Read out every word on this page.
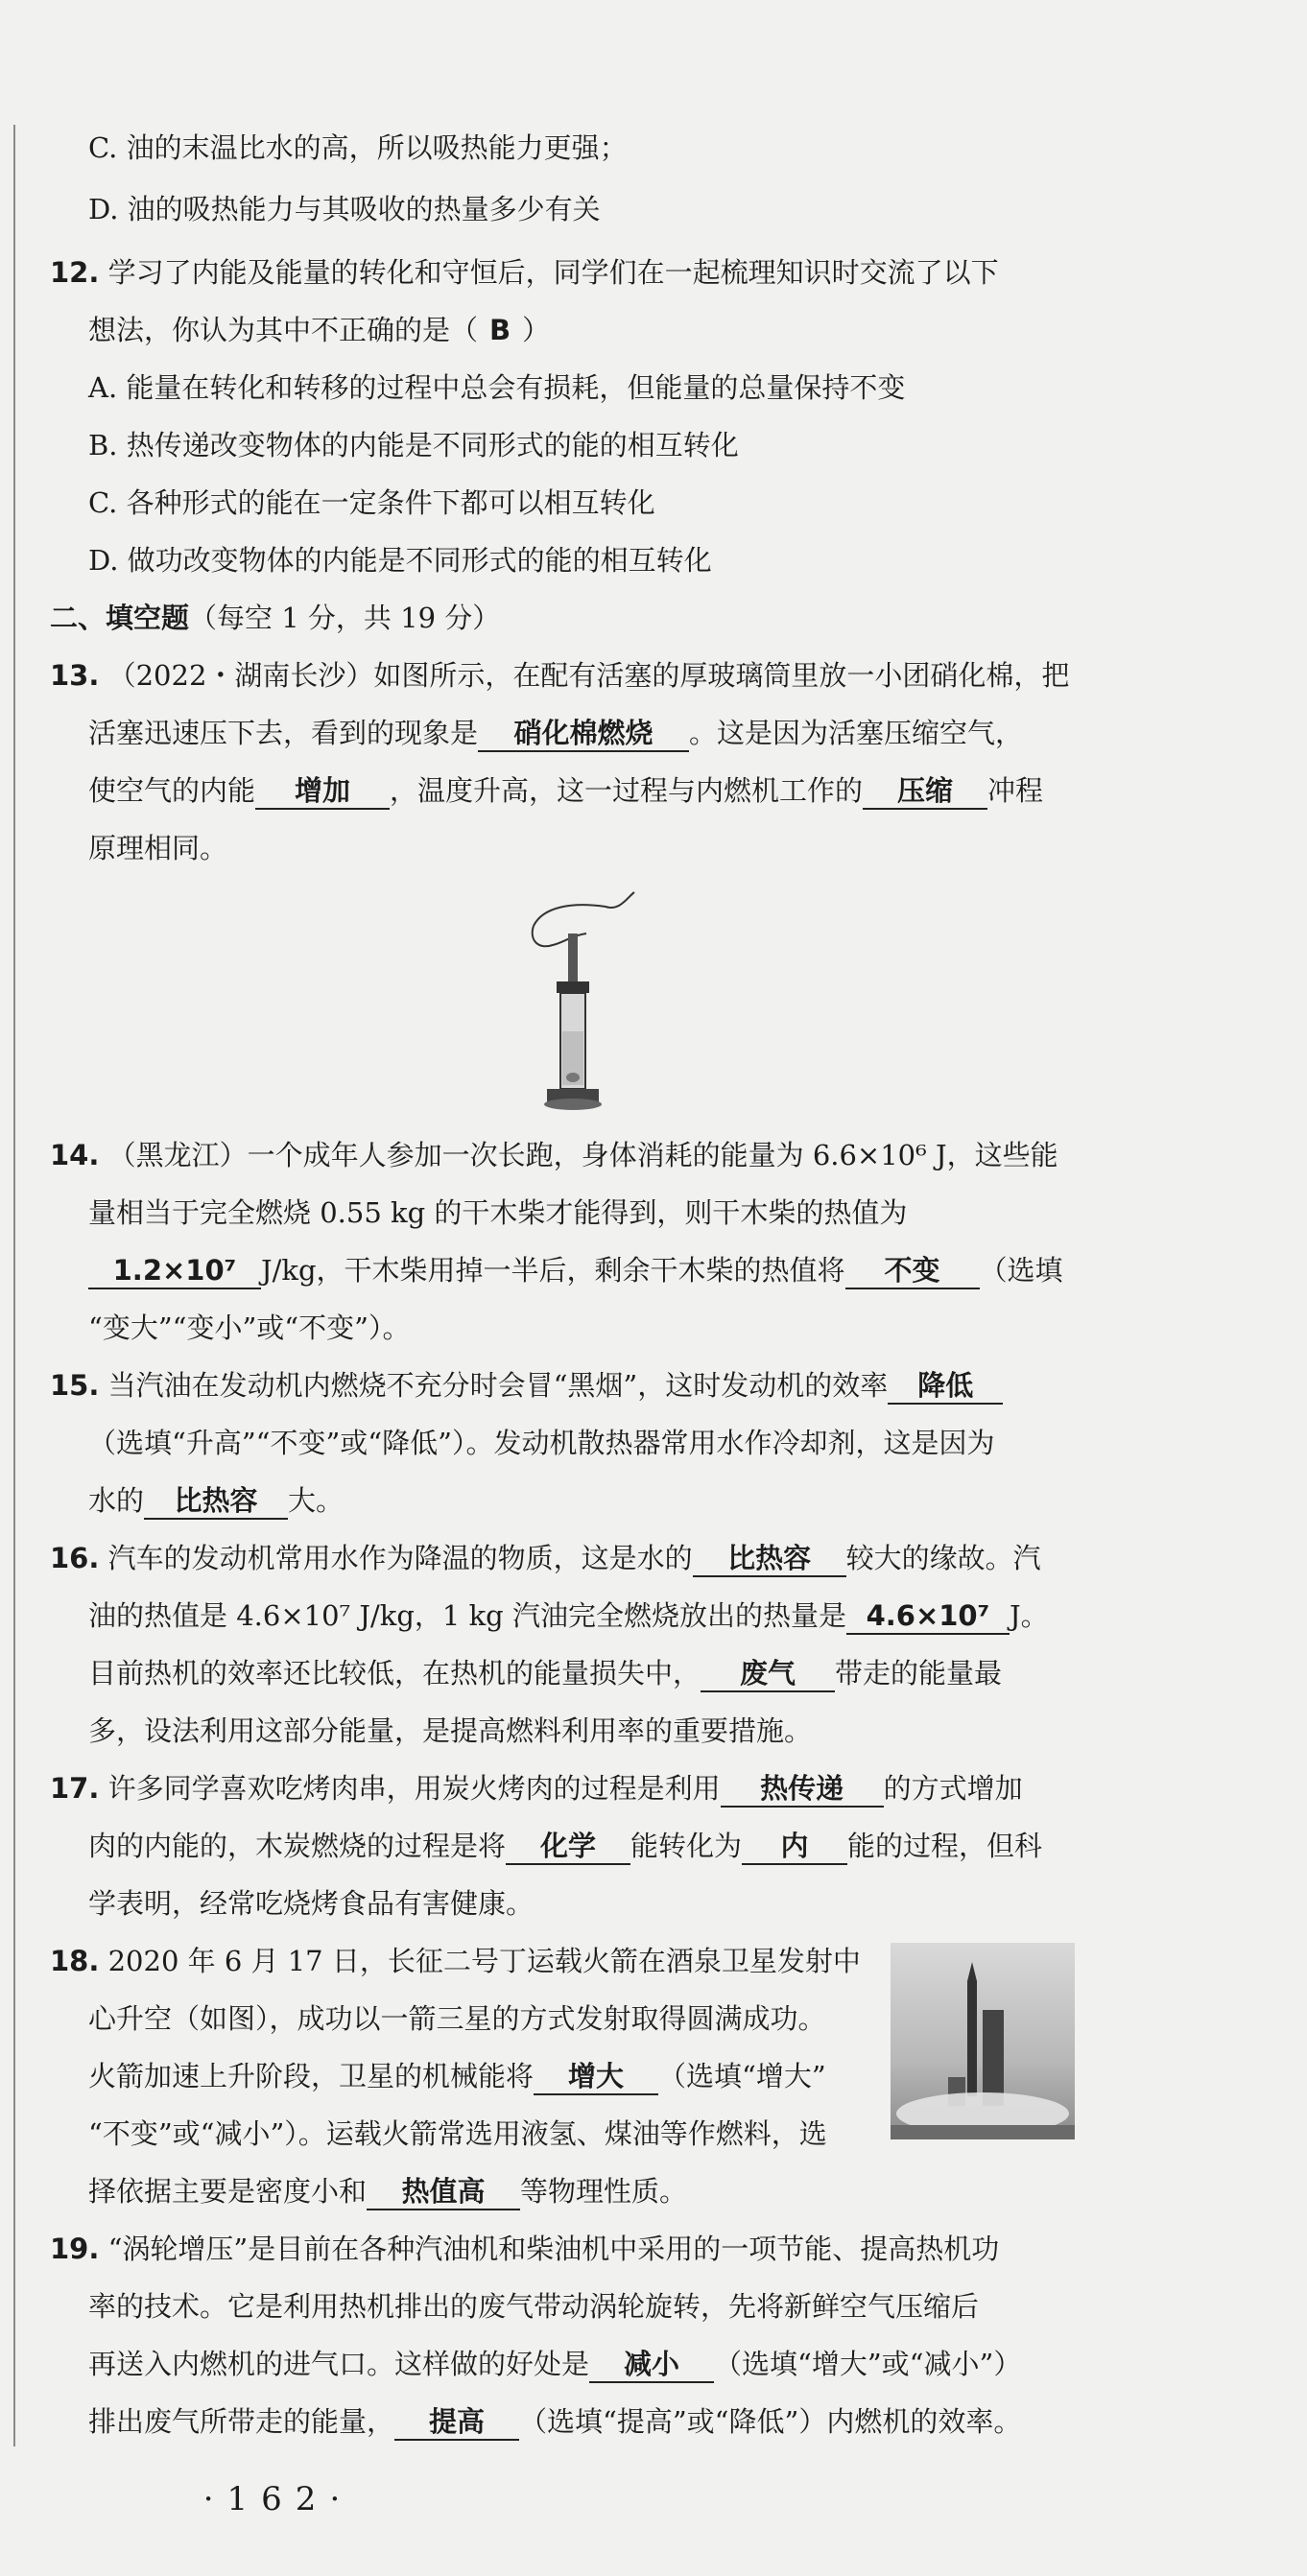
C. 油的末温比水的高，所以吸热能力更强；
D. 油的吸热能力与其吸收的热量多少有关
12. 学习了内能及能量的转化和守恒后，同学们在一起梳理知识时交流了以下
想法，你认为其中不正确的是（ B ）
A. 能量在转化和转移的过程中总会有损耗，但能量的总量保持不变
B. 热传递改变物体的内能是不同形式的能的相互转化
C. 各种形式的能在一定条件下都可以相互转化
D. 做功改变物体的内能是不同形式的能的相互转化
二、填空题（每空 1 分，共 19 分）
13. （2022・湖南长沙）如图所示，在配有活塞的厚玻璃筒里放一小团硝化棉，把
活塞迅速压下去，看到的现象是 硝化棉燃烧 。这是因为活塞压缩空气，
使空气的内能 增加 ，温度升高，这一过程与内燃机工作的 压缩 冲程
原理相同。
14. （黑龙江）一个成年人参加一次长跑，身体消耗的能量为 6.6×10⁶ J，这些能
量相当于完全燃烧 0.55 kg 的干木柴才能得到，则干木柴的热值为
1.2×10⁷ J/kg，干木柴用掉一半后，剩余干木柴的热值将 不变 （选填
“变大”“变小”或“不变”）。
15. 当汽油在发动机内燃烧不充分时会冒“黑烟”，这时发动机的效率 降低
（选填“升高”“不变”或“降低”）。发动机散热器常用水作冷却剂，这是因为
水的 比热容 大。
16. 汽车的发动机常用水作为降温的物质，这是水的 比热容 较大的缘故。汽
油的热值是 4.6×10⁷ J/kg，1 kg 汽油完全燃烧放出的热量是 4.6×10⁷ J。
目前热机的效率还比较低，在热机的能量损失中， 废气 带走的能量最
多，设法利用这部分能量，是提高燃料利用率的重要措施。
17. 许多同学喜欢吃烤肉串，用炭火烤肉的过程是利用 热传递 的方式增加
肉的内能的，木炭燃烧的过程是将 化学 能转化为 内 能的过程，但科
学表明，经常吃烧烤食品有害健康。
18. 2020 年 6 月 17 日，长征二号丁运载火箭在酒泉卫星发射中
心升空（如图），成功以一箭三星的方式发射取得圆满成功。
火箭加速上升阶段，卫星的机械能将 增大 （选填“增大”
“不变”或“减小”）。运载火箭常选用液氢、煤油等作燃料，选
择依据主要是密度小和 热值高 等物理性质。
19. “涡轮增压”是目前在各种汽油机和柴油机中采用的一项节能、提高热机功
率的技术。它是利用热机排出的废气带动涡轮旋转，先将新鲜空气压缩后
再送入内燃机的进气口。这样做的好处是 减小 （选填“增大”或“减小”）
排出废气所带走的能量， 提高 （选填“提高”或“降低”）内燃机的效率。
·162·
